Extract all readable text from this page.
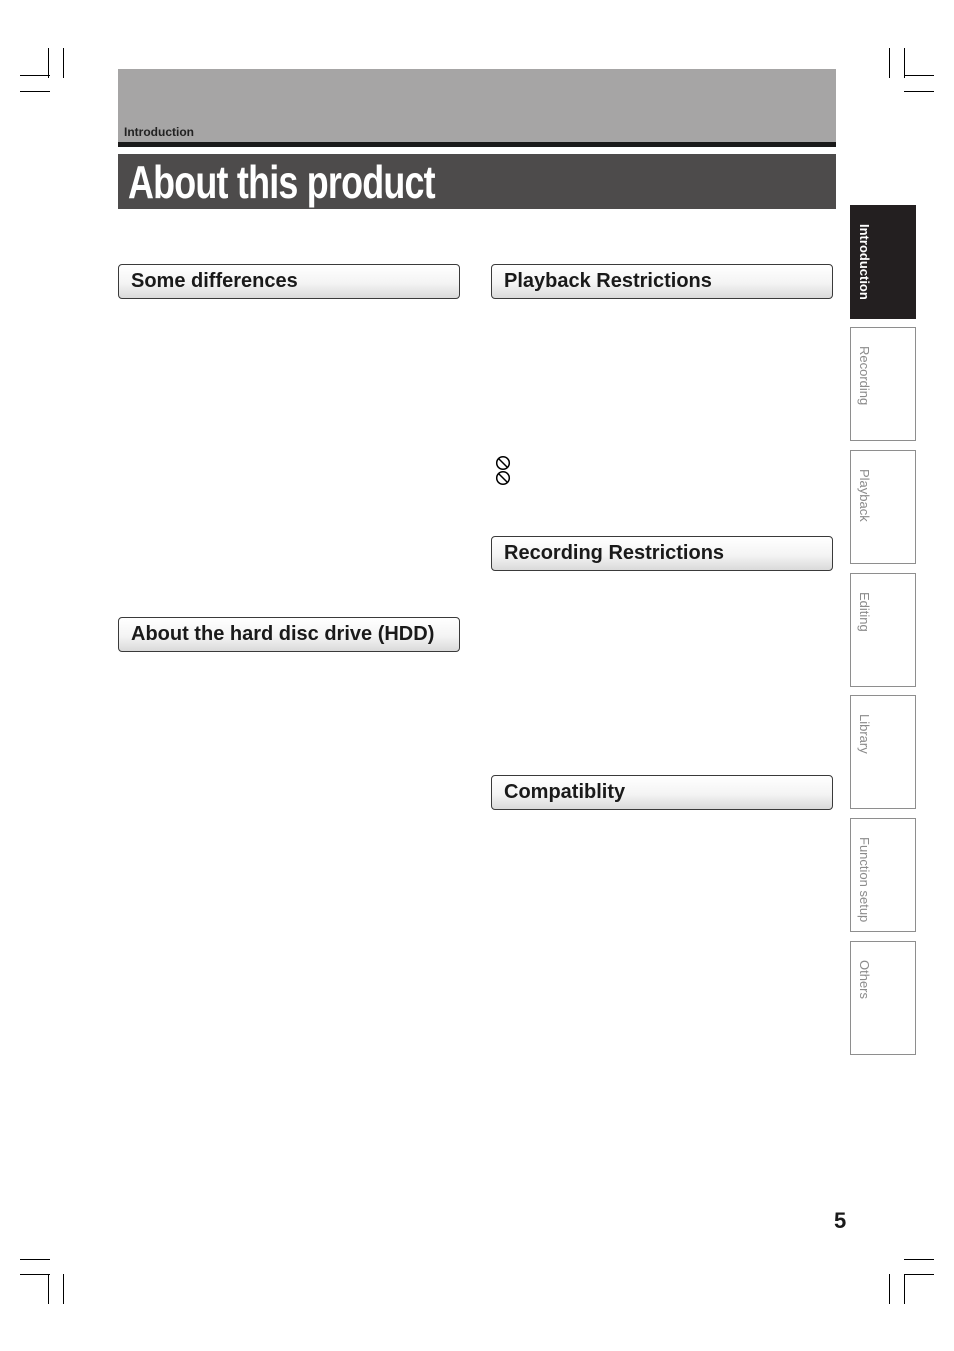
Introduction
About this product
Some differences
About the hard disc drive (HDD)
Playback Restrictions
Recording Restrictions
Compatiblity
Introduction
Recording
Playback
Editing
Library
Function setup
Others
5
